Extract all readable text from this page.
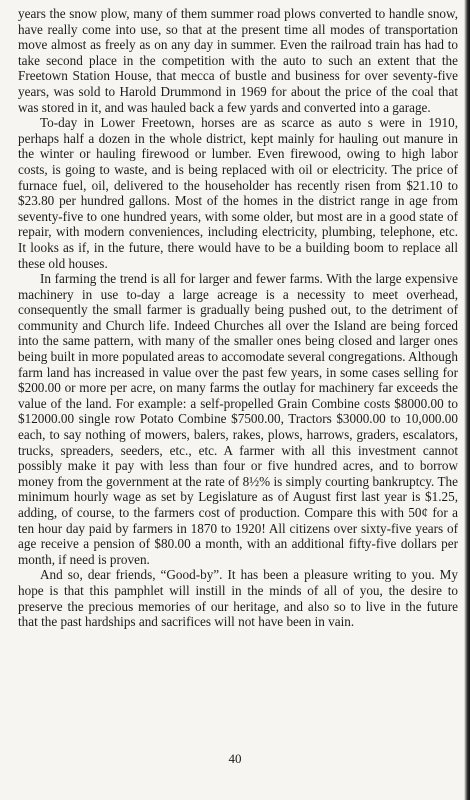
years the snow plow, many of them summer road plows converted to handle snow, have really come into use, so that at the present time all modes of transportation move almost as freely as on any day in summer. Even the railroad train has had to take second place in the competition with the auto to such an extent that the Freetown Station House, that mecca of bustle and business for over seventy-five years, was sold to Harold Drummond in 1969 for about the price of the coal that was stored in it, and was hauled back a few yards and converted into a garage.

To-day in Lower Freetown, horses are as scarce as auto s were in 1910, perhaps half a dozen in the whole district, kept mainly for hauling out manure in the winter or hauling firewood or lumber. Even firewood, owing to high labor costs, is going to waste, and is being replaced with oil or electricity. The price of furnace fuel, oil, delivered to the householder has recently risen from $21.10 to $23.80 per hundred gallons. Most of the homes in the district range in age from seventy-five to one hundred years, with some older, but most are in a good state of repair, with modern conveniences, including electricity, plumbing, telephone, etc. It looks as if, in the future, there would have to be a building boom to replace all these old houses.

In farming the trend is all for larger and fewer farms. With the large expensive machinery in use to-day a large acreage is a necessity to meet overhead, consequently the small farmer is gradually being pushed out, to the detriment of community and Church life. Indeed Churches all over the Island are being forced into the same pattern, with many of the smaller ones being closed and larger ones being built in more populated areas to accomodate several congregations. Although farm land has increased in value over the past few years, in some cases selling for $200.00 or more per acre, on many farms the outlay for machinery far exceeds the value of the land. For example: a self-propelled Grain Combine costs $8000.00 to $12000.00 single row Potato Combine $7500.00, Tractors $3000.00 to 10,000.00 each, to say nothing of mowers, balers, rakes, plows, harrows, graders, escalators, trucks, spreaders, seeders, etc., etc. A farmer with all this investment cannot possibly make it pay with less than four or five hundred acres, and to borrow money from the government at the rate of 8½% is simply courting bankruptcy. The minimum hourly wage as set by Legislature as of August first last year is $1.25, adding, of course, to the farmers cost of production. Compare this with 50¢ for a ten hour day paid by farmers in 1870 to 1920! All citizens over sixty-five years of age receive a pension of $80.00 a month, with an additional fifty-five dollars per month, if need is proven.

And so, dear friends, “Good-by”. It has been a pleasure writing to you. My hope is that this pamphlet will instill in the minds of all of you, the desire to preserve the precious memories of our heritage, and also so to live in the future that the past hardships and sacrifices will not have been in vain.

40
